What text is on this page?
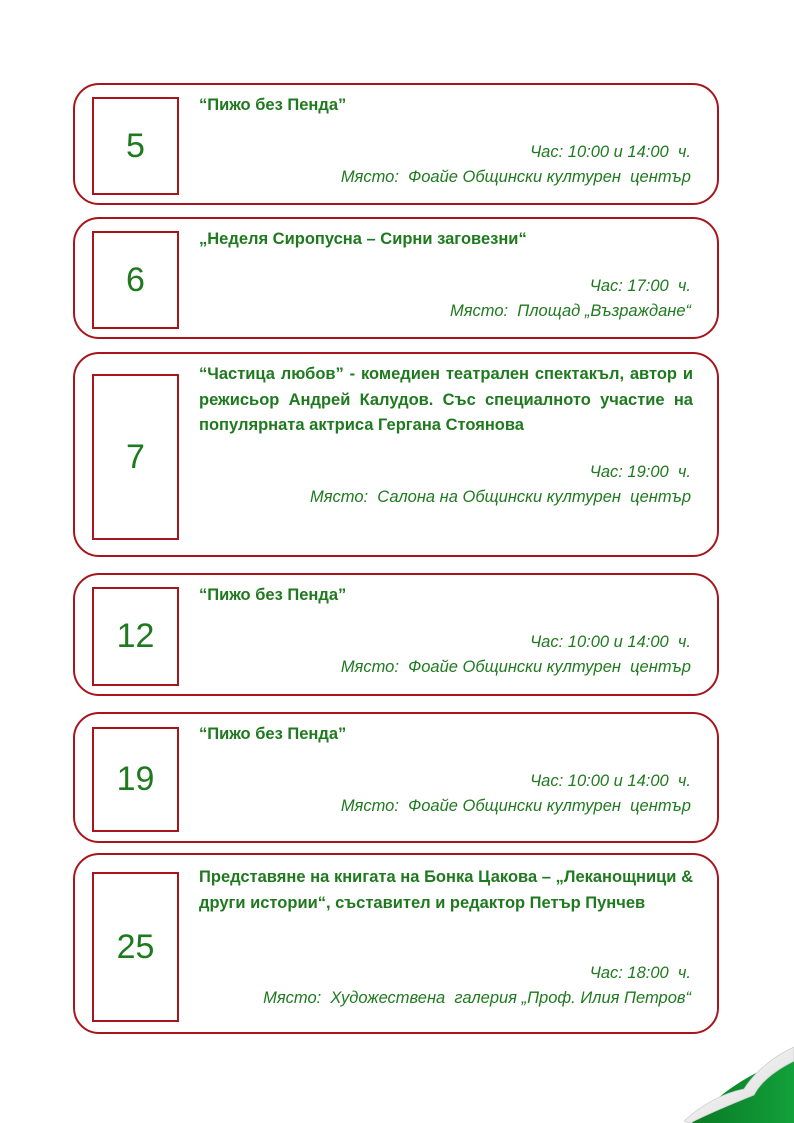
5
“Пижо без Пенда”
Час: 10:00 и 14:00  ч.
Място:  Фоайе Общински културен  център
6
„Неделя Сиропусна – Сирни заговезни“
Час: 17:00  ч.
Място:  Площад „Възраждане“
7
“Частица любов” - комедиен театрален спектакъл, автор и режисьор Андрей Калудов. Със специалното участие на популярната актриса Гергана Стоянова
Час: 19:00  ч.
Място:  Салона на Общински културен  център
12
“Пижо без Пенда”
Час: 10:00 и 14:00  ч.
Място:  Фоайе Общински културен  център
19
“Пижо без Пенда”
Час: 10:00 и 14:00  ч.
Място:  Фоайе Общински културен  център
25
Представяне на книгата на Бонка Цакова – „Леканощници & други истории“, съставител и редактор Петър Пунчев
Час: 18:00  ч.
Място:  Художествена  галерия „Проф. Илия Петров“
